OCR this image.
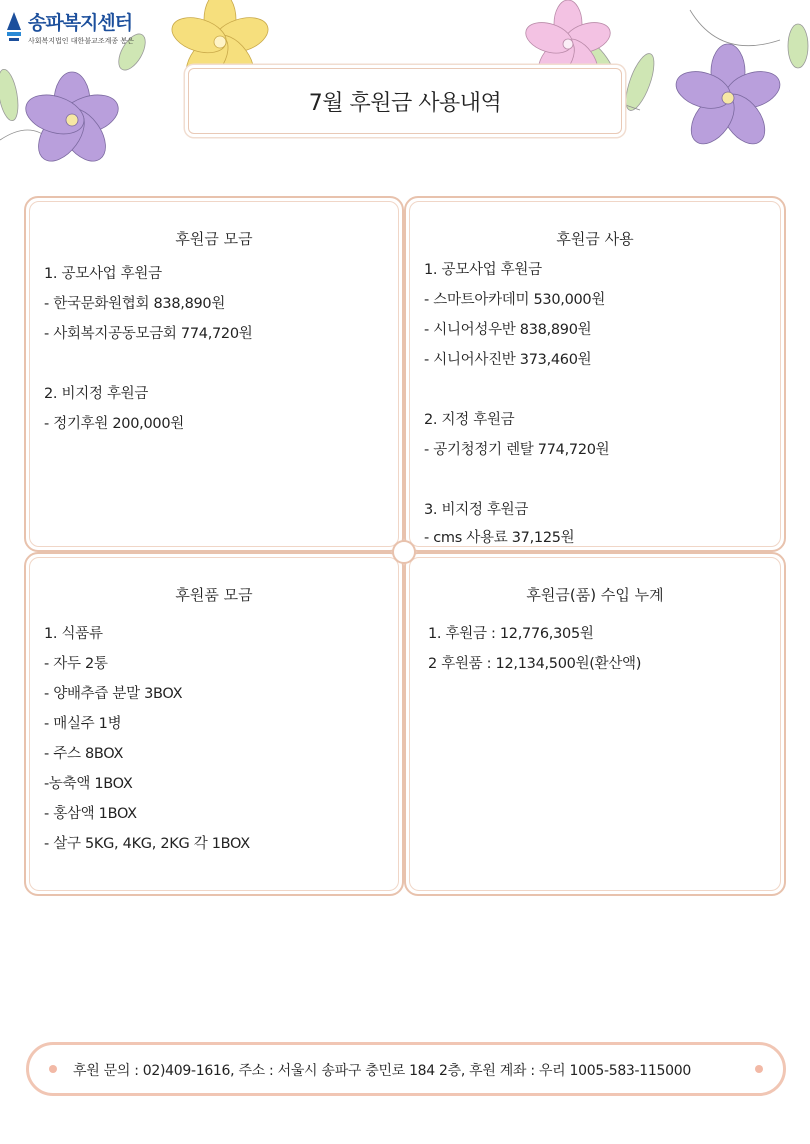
송파복지센터
사회복지법인 대한불교조계종 봉은
7월 후원금 사용내역
후원금 모금
1. 공모사업 후원금
- 한국문화원협회 838,890원
- 사회복지공동모금회 774,720원
2. 비지정 후원금
- 정기후원 200,000원
후원금 사용
1. 공모사업 후원금
- 스마트아카데미 530,000원
- 시니어성우반 838,890원
- 시니어사진반 373,460원
2. 지정 후원금
- 공기청정기 렌탈 774,720원
3. 비지정 후원금
- cms 사용료 37,125원
후원품 모금
1. 식품류
- 자두 2통
- 양배추즙 분말 3BOX
- 매실주 1병
- 주스 8BOX
-농축액 1BOX
- 홍삼액 1BOX
- 살구 5KG, 4KG, 2KG 각 1BOX
후원금(품) 수입 누계
1. 후원금 : 12,776,305원
2 후원품 : 12,134,500원(환산액)
후원 문의 : 02)409-1616, 주소 : 서울시 송파구 충민로 184 2층, 후원 계좌 : 우리 1005-583-115000
